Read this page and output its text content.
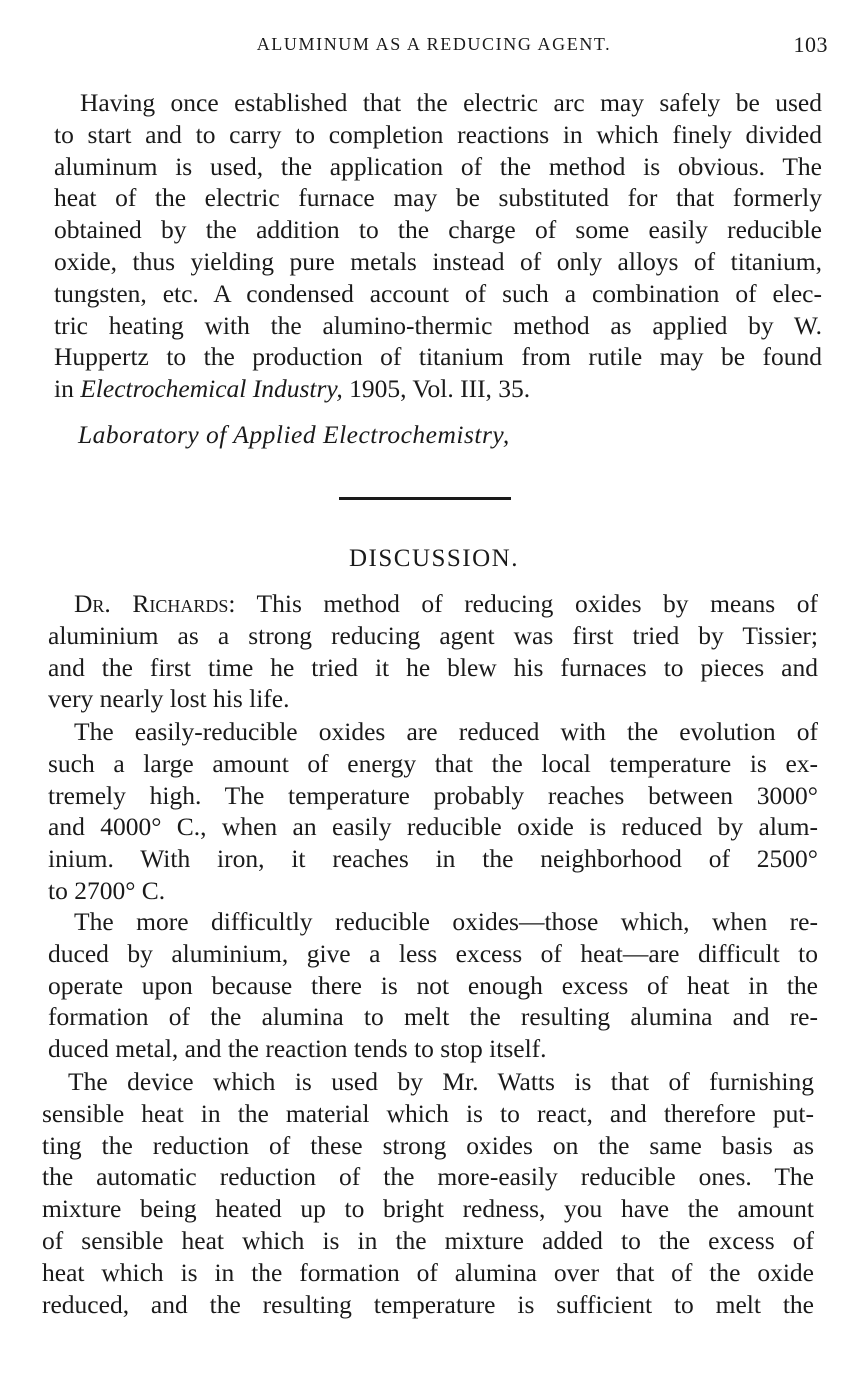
ALUMINUM AS A REDUCING AGENT.	103
Having once established that the electric arc may safely be used
to start and to carry to completion reactions in which finely divided
aluminum is used, the application of the method is obvious. The
heat of the electric furnace may be substituted for that formerly
obtained by the addition to the charge of some easily reducible
oxide, thus yielding pure metals instead of only alloys of titanium,
tungsten, etc. A condensed account of such a combination of elec-
tric heating with the alumino-thermic method as applied by W.
Huppertz to the production of titanium from rutile may be found
in Electrochemical Industry, 1905, Vol. III, 35.
Laboratory of Applied Electrochemistry,
DISCUSSION.
Dr. Richards: This method of reducing oxides by means of
aluminium as a strong reducing agent was first tried by Tissier;
and the first time he tried it he blew his furnaces to pieces and
very nearly lost his life.
The easily-reducible oxides are reduced with the evolution of
such a large amount of energy that the local temperature is ex-
tremely high. The temperature probably reaches between 3000°
and 4000° C., when an easily reducible oxide is reduced by alum-
inium. With iron, it reaches in the neighborhood of 2500°
to 2700° C.
The more difficultly reducible oxides—those which, when re-
duced by aluminium, give a less excess of heat—are difficult to
operate upon because there is not enough excess of heat in the
formation of the alumina to melt the resulting alumina and re-
duced metal, and the reaction tends to stop itself.
The device which is used by Mr. Watts is that of furnishing
sensible heat in the material which is to react, and therefore put-
ting the reduction of these strong oxides on the same basis as
the automatic reduction of the more-easily reducible ones. The
mixture being heated up to bright redness, you have the amount
of sensible heat which is in the mixture added to the excess of
heat which is in the formation of alumina over that of the oxide
reduced, and the resulting temperature is sufficient to melt the
